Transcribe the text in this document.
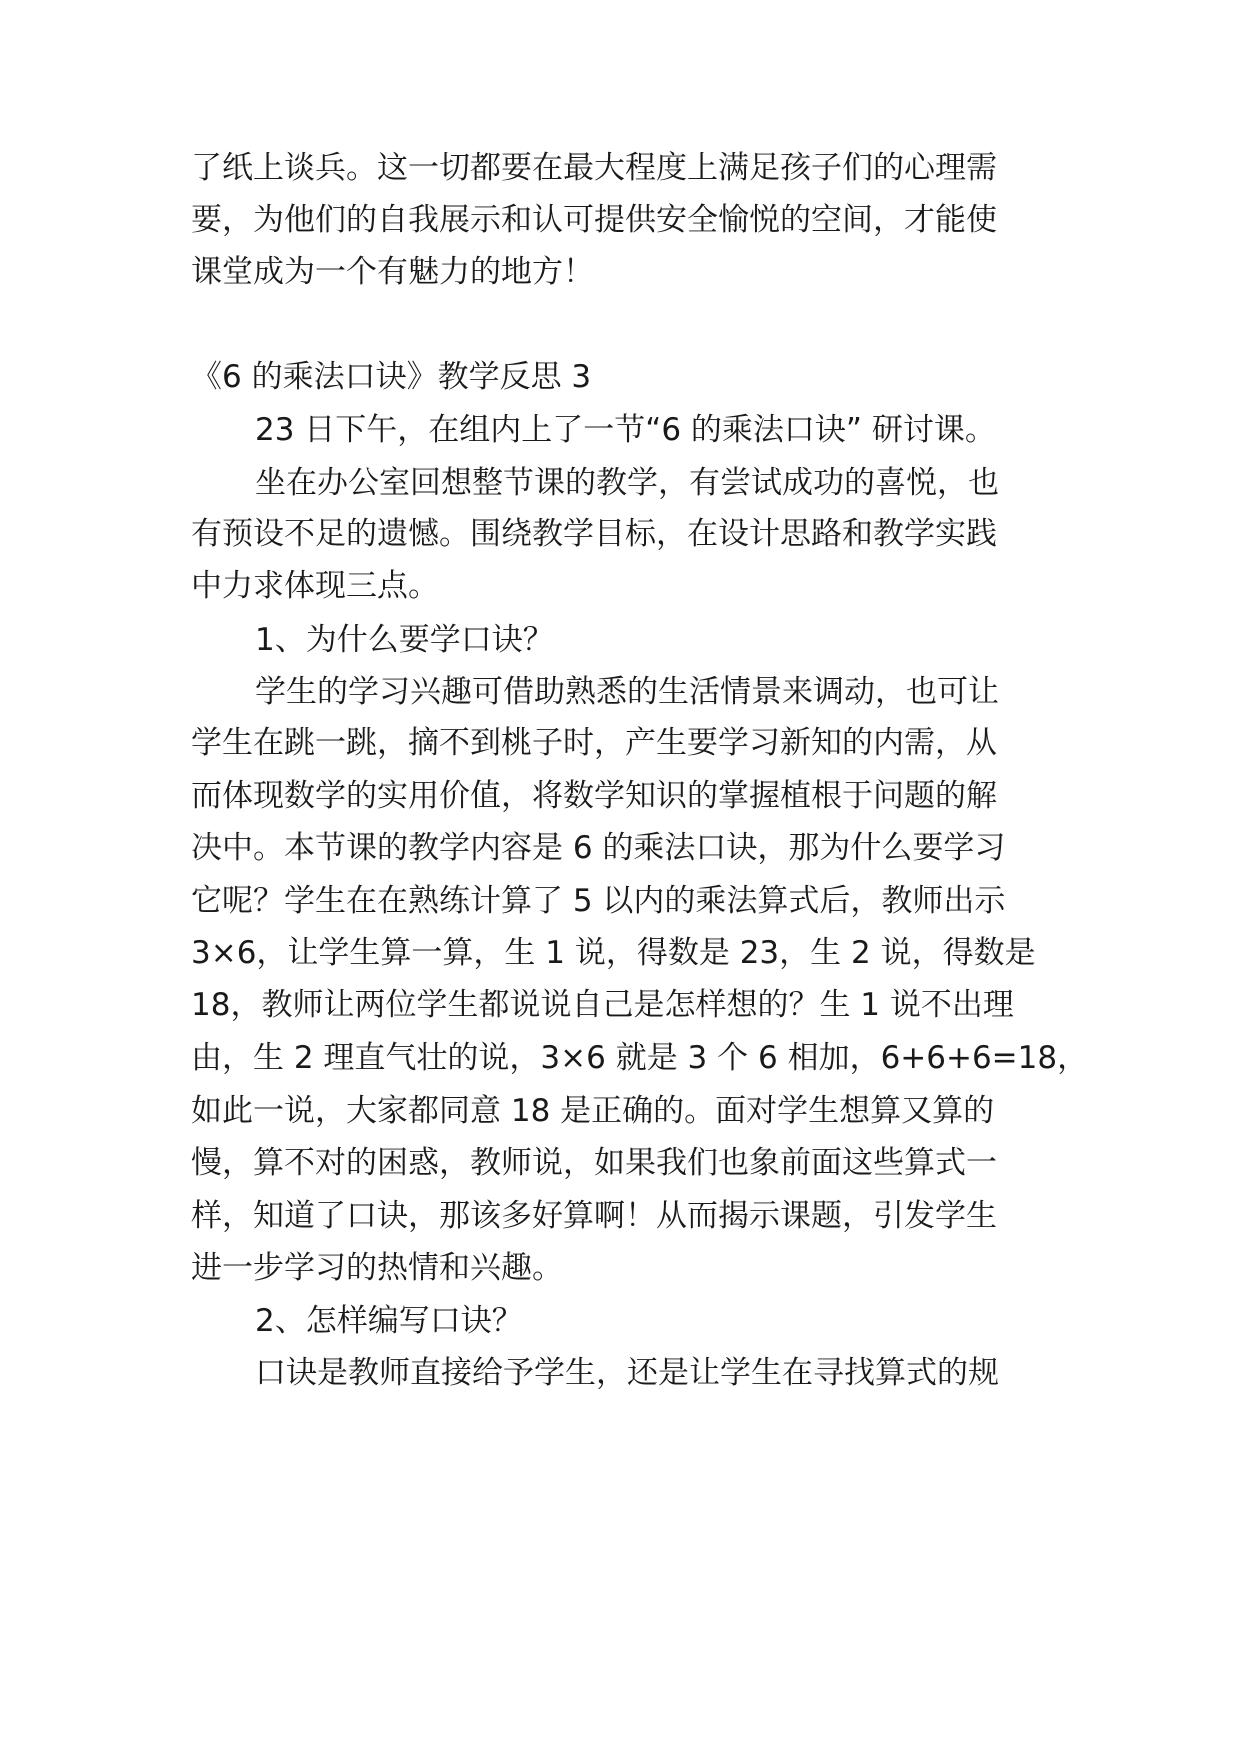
了纸上谈兵。这一切都要在最大程度上满足孩子们的心理需
要，为他们的自我展示和认可提供安全愉悦的空间，才能使
课堂成为一个有魅力的地方！
《6 的乘法口诀》教学反思 3
23 日下午，在组内上了一节“6 的乘法口诀” 研讨课。
坐在办公室回想整节课的教学，有尝试成功的喜悦，也
有预设不足的遗憾。围绕教学目标，在设计思路和教学实践
中力求体现三点。
1、为什么要学口诀？
学生的学习兴趣可借助熟悉的生活情景来调动，也可让
学生在跳一跳，摘不到桃子时，产生要学习新知的内需，从
而体现数学的实用价值，将数学知识的掌握植根于问题的解
决中。本节课的教学内容是 6 的乘法口诀，那为什么要学习
它呢？学生在在熟练计算了 5 以内的乘法算式后，教师出示
3×6，让学生算一算，生 1 说，得数是 23，生 2 说，得数是
18，教师让两位学生都说说自己是怎样想的？生 1 说不出理
由，生 2 理直气壮的说，3×6 就是 3 个 6 相加，6+6+6=18，
如此一说，大家都同意 18 是正确的。面对学生想算又算的
慢，算不对的困惑，教师说，如果我们也象前面这些算式一
样，知道了口诀，那该多好算啊！从而揭示课题，引发学生
进一步学习的热情和兴趣。
2、怎样编写口诀？
口诀是教师直接给予学生，还是让学生在寻找算式的规
